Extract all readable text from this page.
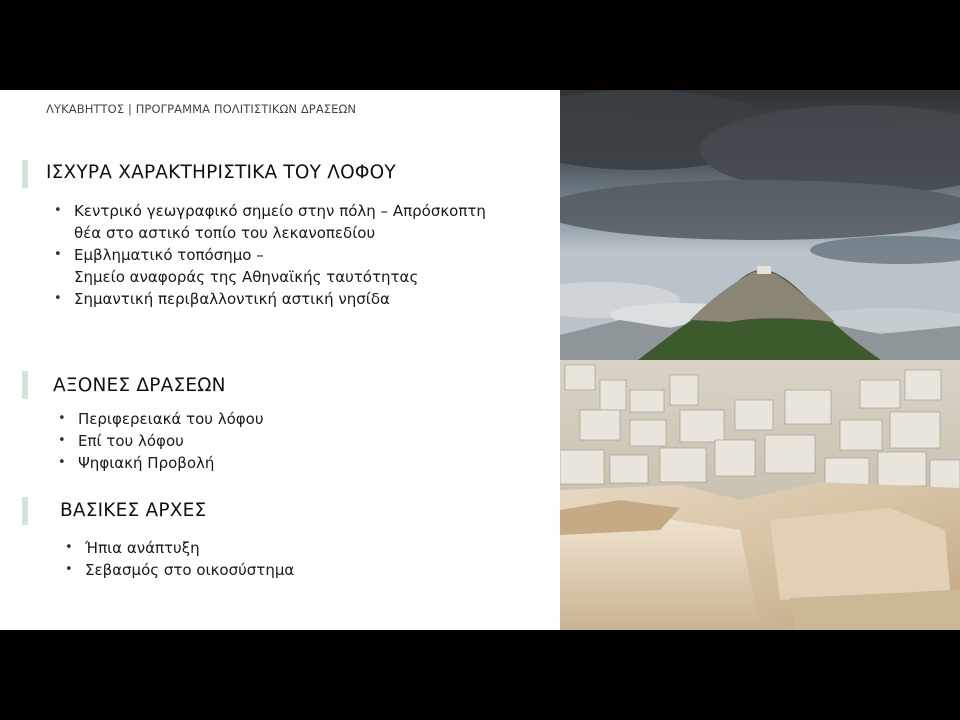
ΛΥΚΑΒΗΤΤΟΣ | ΠΡΟΓΡΑΜΜΑ ΠΟΛΙΤΙΣΤΙΚΩΝ ΔΡΑΣΕΩΝ
ΙΣΧΥΡΑ ΧΑΡΑΚΤΗΡΙΣΤΙΚΑ ΤΟΥ ΛΟΦΟΥ
• Κεντρικό γεωγραφικό σημείο στην πόλη – Απρόσκοπτη
θέα στο αστικό τοπίο του λεκανοπεδίου
• Εμβληματικό τοπόσημο –
Σημείο αναφοράς της Αθηναϊκής ταυτότητας
• Σημαντική περιβαλλοντική αστική νησίδα
ΑΞΟΝΕΣ ΔΡΑΣΕΩΝ
• Περιφερειακά του λόφου
• Επί του λόφου
• Ψηφιακή Προβολή
ΒΑΣΙΚΕΣ ΑΡΧΕΣ
• Ήπια ανάπτυξη
• Σεβασμός στο οικοσύστημα
